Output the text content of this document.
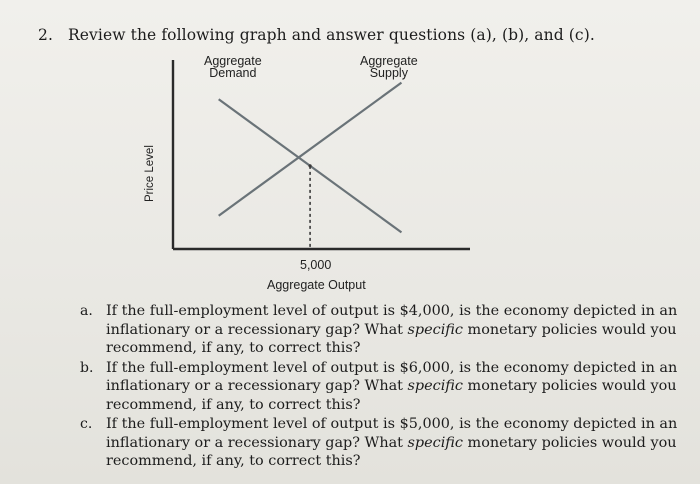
2. Review the following graph and answer questions (a), (b), and (c).
Aggregate
Demand
Aggregate
Supply
Price Level
5,000
Aggregate Output
a. If the full-employment level of output is $4,000, is the economy depicted in an inflationary or a recessionary gap? What specific monetary policies would you recommend, if any, to correct this?
b. If the full-employment level of output is $6,000, is the economy depicted in an inflationary or a recessionary gap? What specific monetary policies would you recommend, if any, to correct this?
c. If the full-employment level of output is $5,000, is the economy depicted in an inflationary or a recessionary gap? What specific monetary policies would you recommend, if any, to correct this?
